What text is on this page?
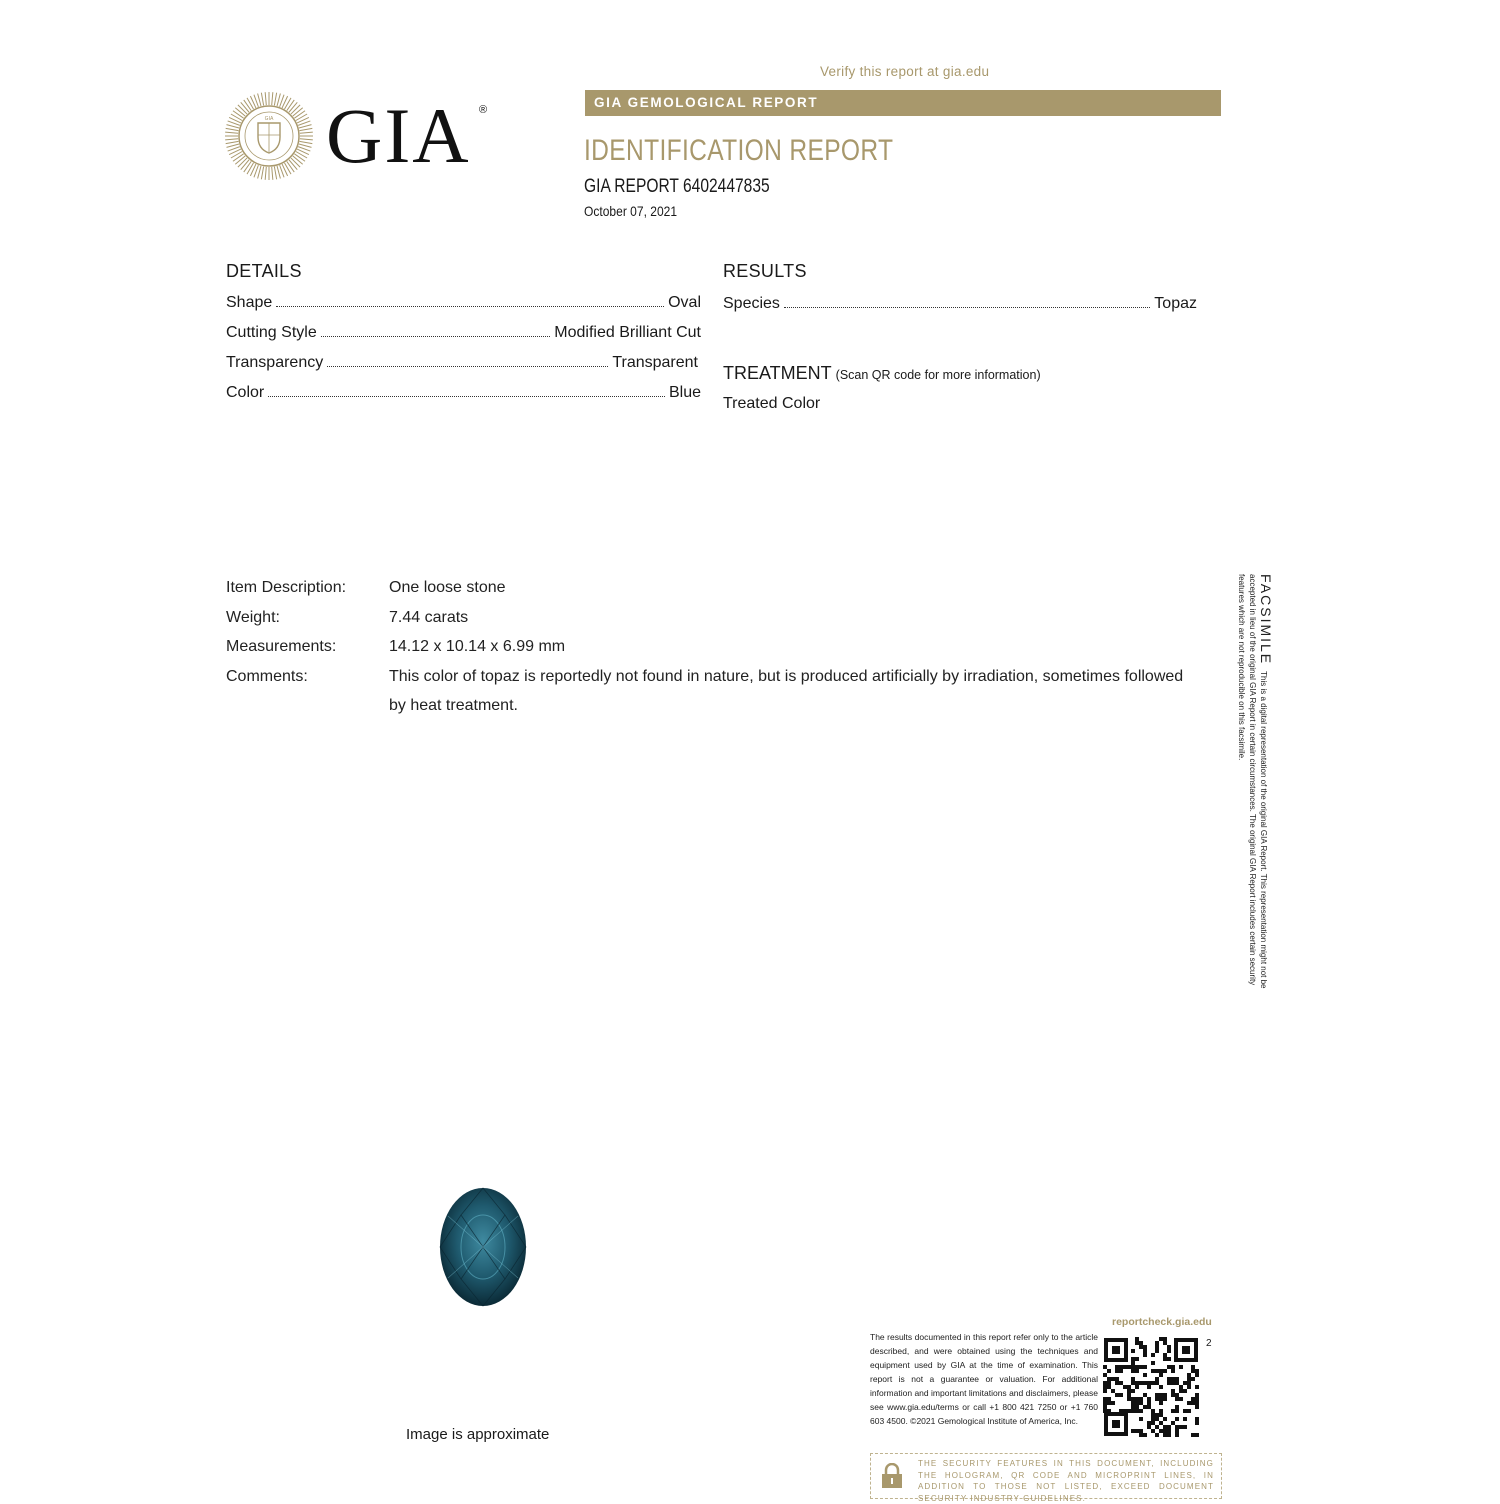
Verify this report at gia.edu
GIA GEMOLOGICAL REPORT
IDENTIFICATION REPORT
GIA REPORT 6402447835
October 07, 2021
GIA GIA ®
DETAILS
Shape	Oval
Cutting Style	Modified Brilliant Cut
Transparency	Transparent
Color	Blue
RESULTS
Species	Topaz
TREATMENT (Scan QR code for more information)
Treated Color
Item Description:	One loose stone
Weight:	7.44 carats
Measurements:	14.12 x 10.14 x 6.99 mm
Comments:	This color of topaz is reportedly not found in nature, but is produced artificially by irradiation, sometimes followed by heat treatment.
FACSIMILEThis is a digital representation of the original GIA Report. This representation might not be accepted in lieu of the original GIA Report in certain circumstances. The original GIA Report includes certain security features which are not reproducible on this facsimile.
Image is approximate
reportcheck.gia.edu
The results documented in this report refer only to the article described, and were obtained using the techniques and equipment used by GIA at the time of examination. This report is not a guarantee or valuation. For additional information and important limitations and disclaimers, please see www.gia.edu/terms or call +1 800 421 7250 or +1 760 603 4500. ©2021 Gemological Institute of America, Inc.
2
THE SECURITY FEATURES IN THIS DOCUMENT, INCLUDING THE HOLOGRAM, QR CODE AND MICROPRINT LINES, IN ADDITION TO THOSE NOT LISTED, EXCEED DOCUMENT SECURITY INDUSTRY GUIDELINES.
